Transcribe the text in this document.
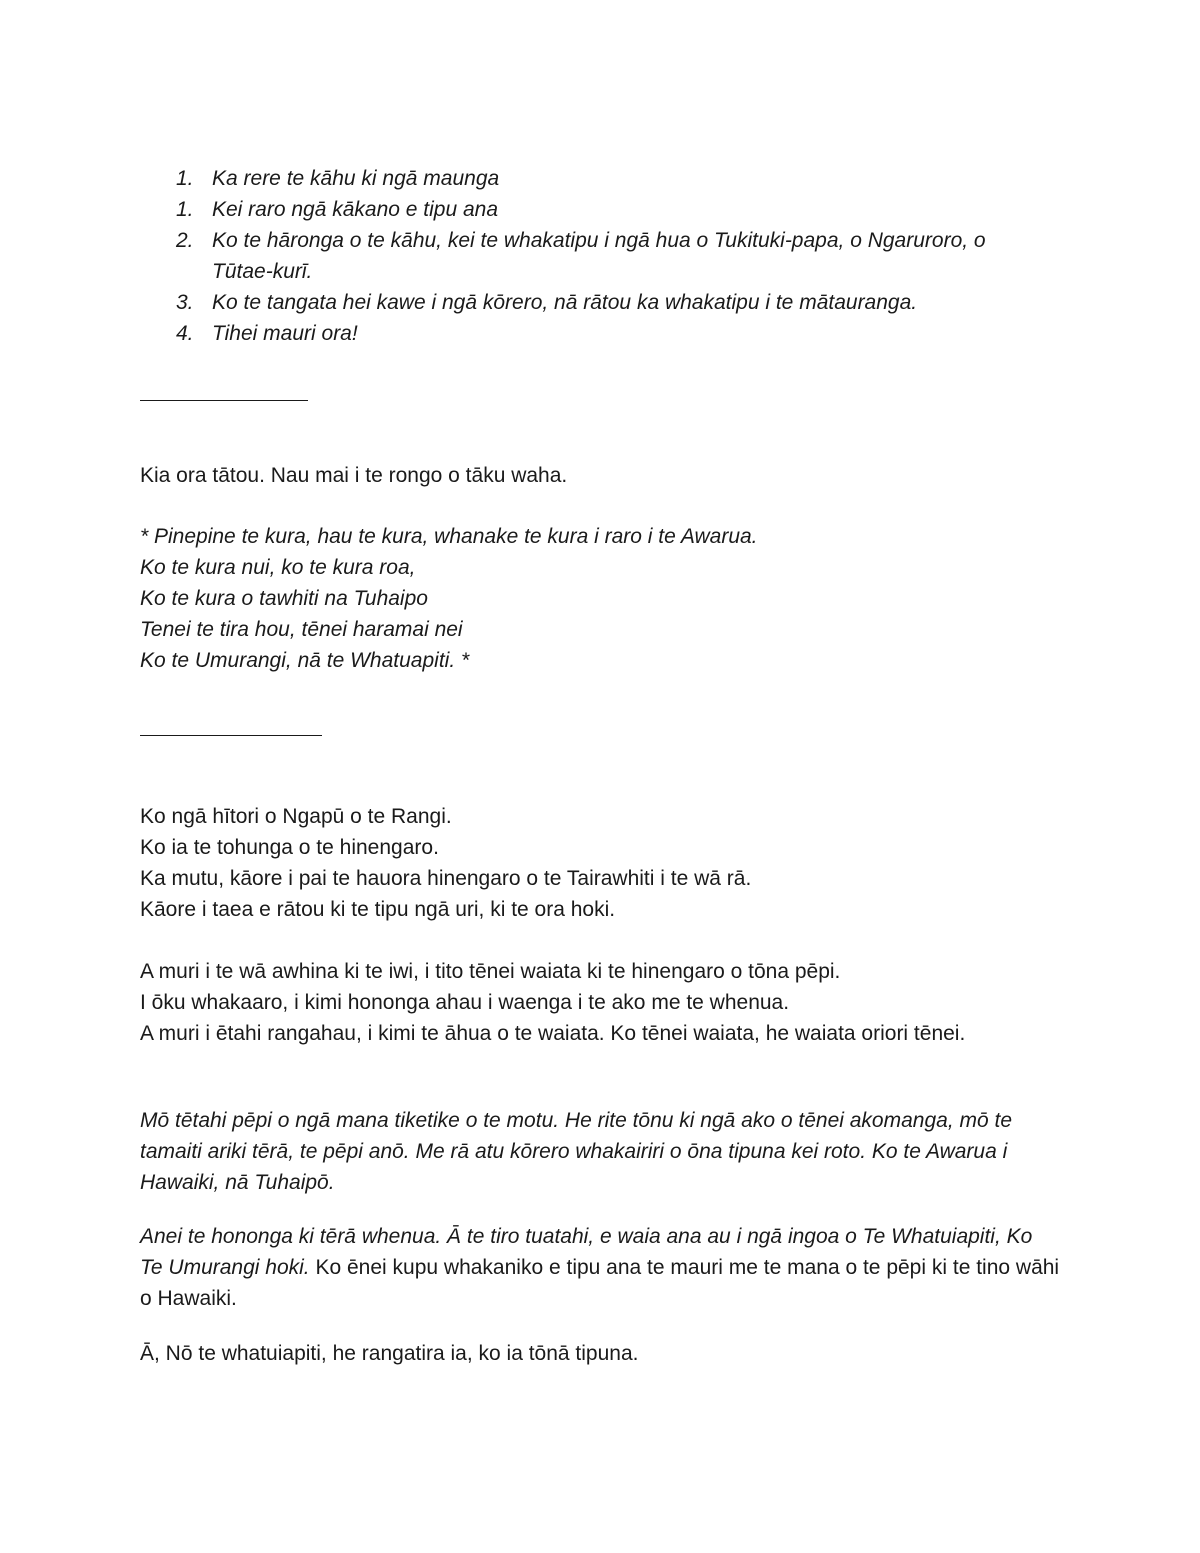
1. Ka rere te kāhu ki ngā maunga
1. Kei raro ngā kākano e tipu ana
2. Ko te hāronga o te kāhu, kei te whakatipu i ngā hua o Tukituki-papa, o Ngaruroro, o Tūtae-kurī.
3. Ko te tangata hei kawe i ngā kōrero, nā rātou ka whakatipu i te mātauranga.
4. Tihei mauri ora!

Kia ora tātou. Nau mai i te rongo o tāku waha.

* Pinepine te kura, hau te kura, whanake te kura i raro i te Awarua.

Ko te kura nui, ko te kura roa,

Ko te kura o tawhiti na Tuhaipo

Tenei te tira hou, tēnei haramai nei

Ko te Umurangi, nā te Whatuapiti. *

Ko ngā hītori o Ngapū o te Rangi.

Ko ia te tohunga o te hinengaro.

Ka mutu, kāore i pai te hauora hinengaro o te Tairawhiti i te wā rā.

Kāore i taea e rātou ki te tipu ngā uri, ki te ora hoki.

A muri i te wā awhina ki te iwi, i tito tēnei waiata ki te hinengaro o tōna pēpi.

I ōku whakaaro, i kimi hononga ahau i waenga i te ako me te whenua.

A muri i ētahi rangahau, i kimi te āhua o te waiata. Ko tēnei waiata, he waiata oriori tēnei.

Mō tētahi pēpi o ngā mana tiketike o te motu. He rite tōnu ki ngā ako o tēnei akomanga, mō te tamaiti ariki tērā, te pēpi anō. Me rā atu kōrero whakairiri o ōna tipuna kei roto. Ko te Awarua i Hawaiki, nā Tuhaipō.

Anei te hononga ki tērā whenua. Ā te tiro tuatahi, e waia ana au i ngā ingoa o Te Whatuiapiti, Ko Te Umurangi hoki. Ko ēnei kupu whakaniko e tipu ana te mauri me te mana o te pēpi ki te tino wāhi o Hawaiki.

Ā, Nō te whatuiapiti, he rangatira ia, ko ia tōnā tipuna.
